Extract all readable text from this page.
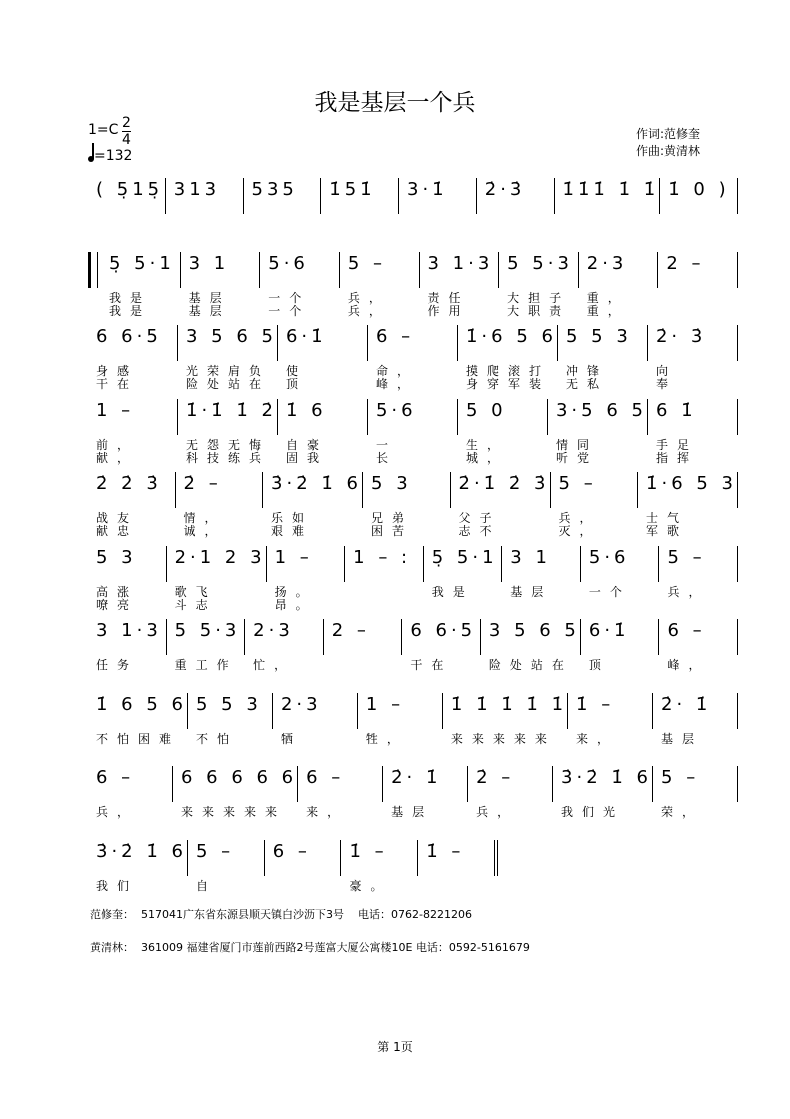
我是基层一个兵
1=C 2
4
=132
作词:范修奎
作曲:黄清林
( 5̣15̣ 313	535	1̇51̇	3·1̇	2̇·3̇	1̇1̇1̇ 1̇ 1̇ 1̇ 0 )
5̣ 5·1
我是
我是
3 1
基层
基层
5·6
一个
一个
5 –
兵，
兵，
3 1·3
责任
作用
5 5·3
大担子
大职责
2·3
重，
重，
2 –
6 6·5
身感
干在
3 5 6 5
光荣肩负
险处站在
6·1̇
使
顶
6 –
命，
峰，
1̇·6 5 6
摸爬滚打
身穿军装
5 5 3
冲锋
无私
2̇· 3̇
向
奉
1 –
前，
献，
1̇·1̇ 1̇ 2̇
无怨无悔
科技练兵
1̇ 6
自豪
固我
5·6
一
长
5 0
生，
城，
3·5 6 5
情同
听党
6 1̇
手足
指挥
2̇ 2̇ 3̇
战友
献忠
2̇ –
情，
诚，
3̇·2̇ 1̇ 6
乐如
艰难
5 3
兄弟
困苦
2̇·1̇ 2̇ 3̇
父子
志不
5 –
兵，
灭，
1̇·6 5 3
士气
军歌
5 3
高涨
嘹亮
2·1 2 3
歌飞
斗志
1 –
扬。
昂。
1 – :	5̣ 5·1
我是
3 1
基层
5·6
一个
5 –
兵，
3 1·3
任务
5 5·3
重工作
2·3
忙，
2 –	6 6·5
干在
3 5 6 5
险处站在
6·1̇
顶
6 –
峰，
1̇ 6 5 6
不怕困难
5 5 3
不怕
2·3
牺
1 –
牲，
1̇ 1̇ 1̇ 1̇ 1̇
来来来来来
1̇ –
来，
2̇· 1̇
基层
6 –
兵，
6 6 6 6 6
来来来来来
6 –
来，
2̇· 1̇
基层
2̇ –
兵，
3̇·2̇ 1̇ 6
我们光
5 –
荣，
3̇·2̇ 1̇ 6
我们
5 –
自
6 –	1̇ –
豪。
1̇ –
范修奎： 517041广东省东源县顺天镇白沙沥下3号 电话：0762-8221206
黄清林： 361009 福建省厦门市莲前西路2号莲富大厦公寓楼10E 电话：0592-5161679
第 1页
